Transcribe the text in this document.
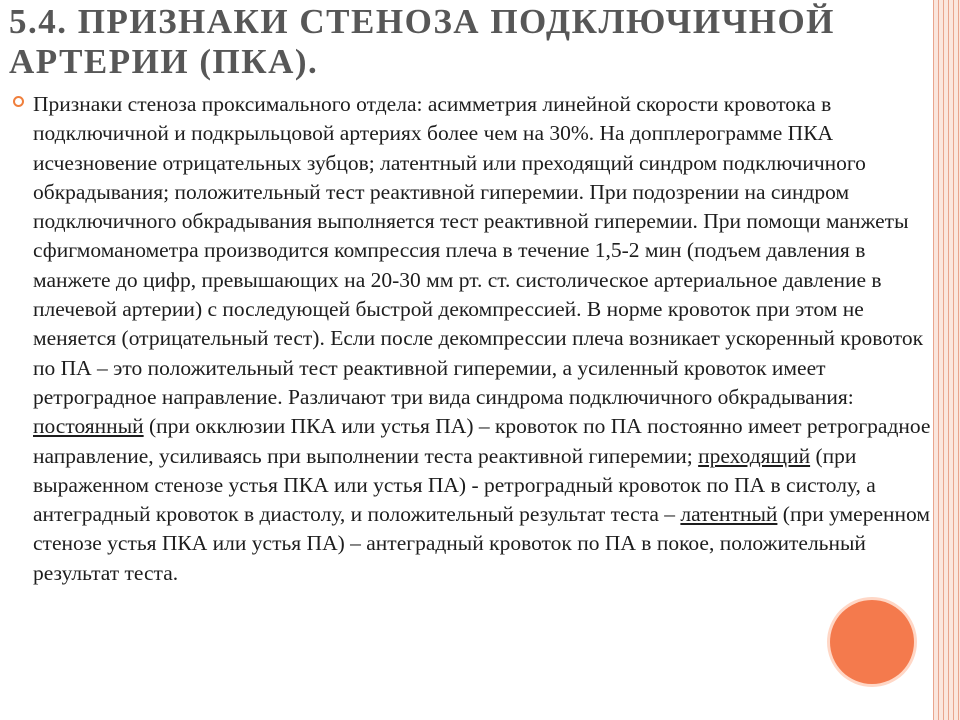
5.4. ПРИЗНАКИ СТЕНОЗА ПОДКЛЮЧИЧНОЙ
АРТЕРИИ (ПКА).

Признаки стеноза проксимального отдела: асимметрия линейной скорости кровотока в подключичной и подкрыльцовой артериях более чем на 30%. На допплерограмме ПКА исчезновение отрицательных зубцов; латентный или преходящий синдром подключичного обкрадывания; положительный тест реактивной гиперемии. При подозрении на синдром подключичного обкрадывания выполняется тест реактивной гиперемии. При помощи манжеты сфигмоманометра производится компрессия плеча в течение 1,5-2 мин (подъем давления в манжете до цифр, превышающих на 20-30 мм рт. ст. систолическое артериальное давление в плечевой артерии) с последующей быстрой декомпрессией. В норме кровоток при этом не меняется (отрицательный тест). Если после декомпрессии плеча возникает ускоренный кровоток по ПА – это положительный тест реактивной гиперемии, а усиленный кровоток имеет ретроградное направление. Различают три вида синдрома подключичного обкрадывания: постоянный (при окклюзии ПКА или устья ПА) – кровоток по ПА постоянно имеет ретроградное направление, усиливаясь при выполнении теста реактивной гиперемии; преходящий (при выраженном стенозе устья ПКА или устья ПА) - ретроградный кровоток по ПА в систолу, а антеградный кровоток в диастолу, и положительный результат теста – латентный (при умеренном стенозе устья ПКА или устья ПА) – антеградный кровоток по ПА в покое, положительный результат теста.
